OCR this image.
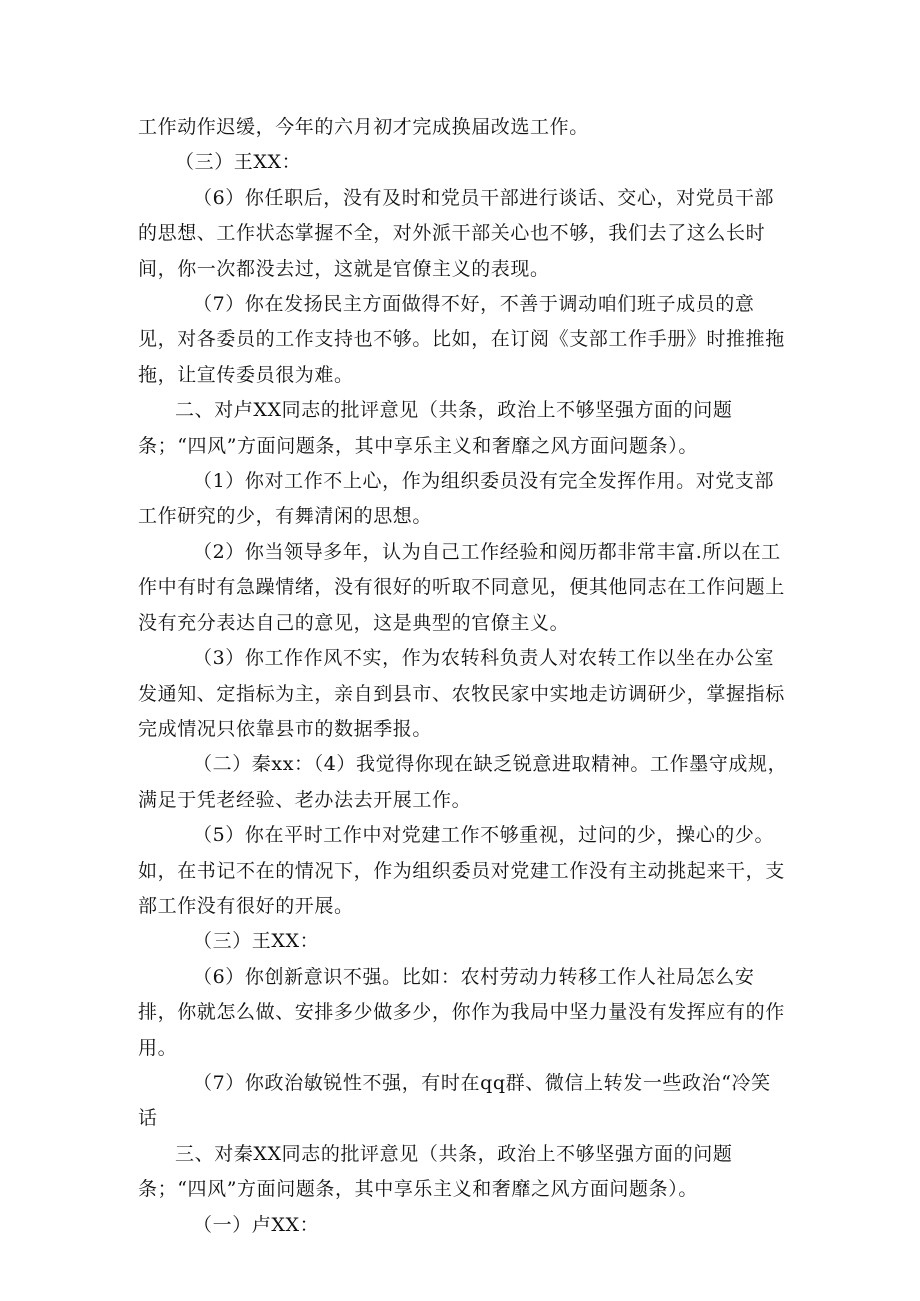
工作动作迟缓，今年的六月初才完成换届改选工作。

（三）王XX：

（6）你任职后，没有及时和党员干部进行谈话、交心，对党员干部的思想、工作状态掌握不全，对外派干部关心也不够，我们去了这么长时间，你一次都没去过，这就是官僚主义的表现。

（7）你在发扬民主方面做得不好，不善于调动咱们班子成员的意见，对各委员的工作支持也不够。比如，在订阅《支部工作手册》时推推拖拖，让宣传委员很为难。

二、对卢XX同志的批评意见（共条，政治上不够坚强方面的问题条；“四风”方面问题条，其中享乐主义和奢靡之风方面问题条）。

（1）你对工作不上心，作为组织委员没有完全发挥作用。对党支部工作研究的少，有舞清闲的思想。

（2）你当领导多年，认为自己工作经验和阅历都非常丰富.所以在工作中有时有急躁情绪，没有很好的听取不同意见，便其他同志在工作问题上没有充分表达自己的意见，这是典型的官僚主义。

（3）你工作作风不实，作为农转科负责人对农转工作以坐在办公室发通知、定指标为主，亲自到县市、农牧民家中实地走访调研少，掌握指标完成情况只依靠县市的数据季报。

（二）秦xx：（4）我觉得你现在缺乏锐意进取精神。工作墨守成规，满足于凭老经验、老办法去开展工作。

（5）你在平时工作中对党建工作不够重视，过问的少，操心的少。如，在书记不在的情况下，作为组织委员对党建工作没有主动挑起来干，支部工作没有很好的开展。

（三）王XX：

（6）你创新意识不强。比如：农村劳动力转移工作人社局怎么安排，你就怎么做、安排多少做多少，你作为我局中坚力量没有发挥应有的作用。

（7）你政治敏锐性不强，有时在qq群、微信上转发一些政治“冷笑话

三、对秦XX同志的批评意见（共条，政治上不够坚强方面的问题条；“四风”方面问题条，其中享乐主义和奢靡之风方面问题条）。

（一）卢XX：
